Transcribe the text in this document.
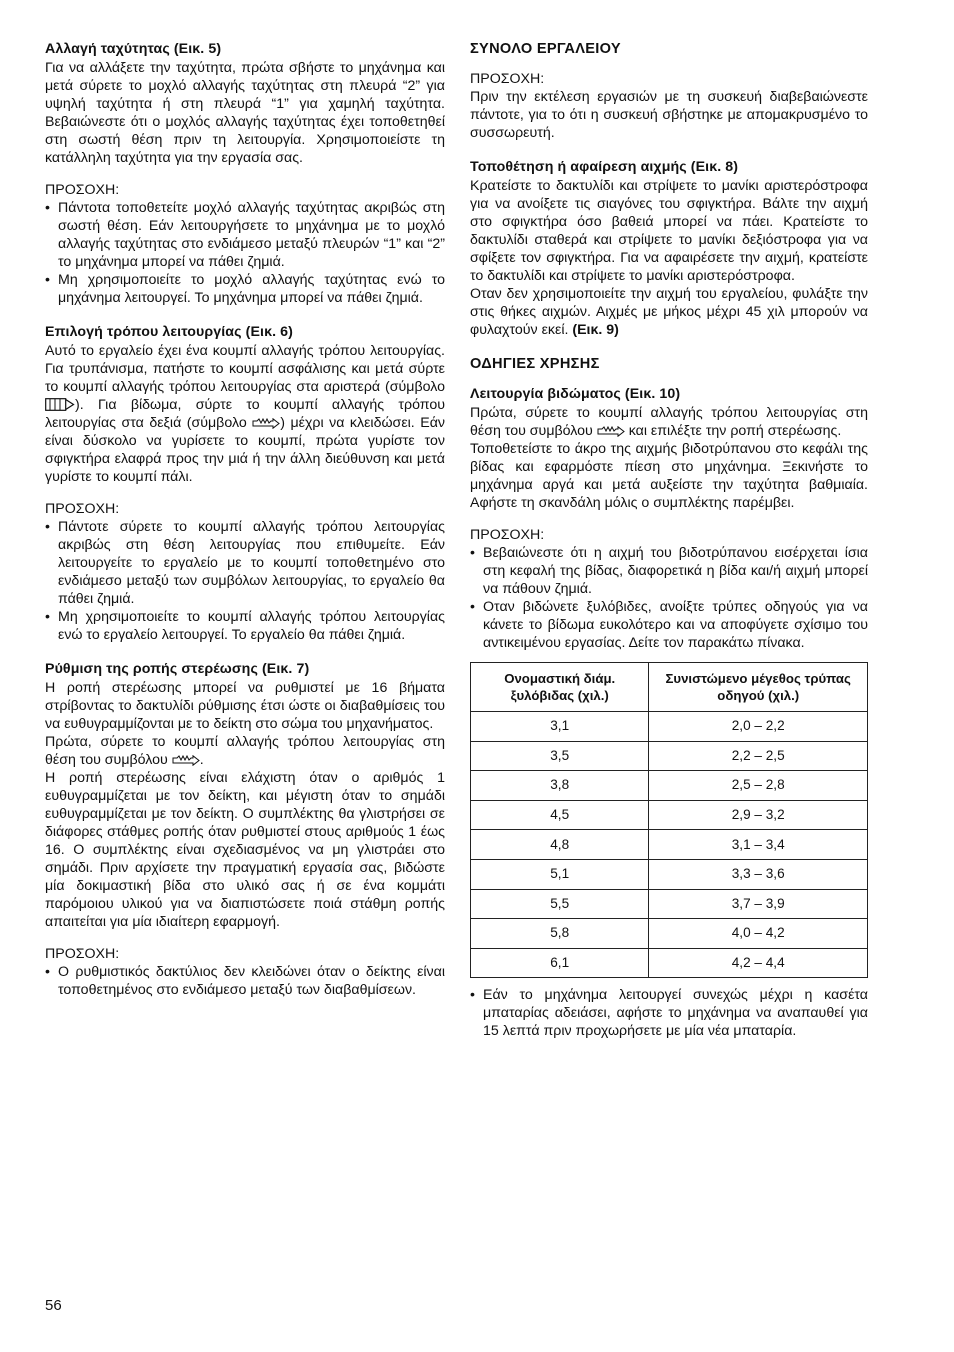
Αλλαγή ταχύτητας (Εικ. 5)

Για να αλλάξετε την ταχύτητα, πρώτα σβήστε το μηχάνημα και μετά σύρετε το μοχλό αλλαγής ταχύτητας στη πλευρά “2” για υψηλή ταχύτητα ή στη πλευρά “1” για χαμηλή ταχύτητα. Βεβαιώνεστε ότι ο μοχλός αλλαγής ταχύτητας έχει τοποθετηθεί στη σωστή θέση πριν τη λειτουργία. Χρησιμοποιείστε τη κατάλληλη ταχύτητα για την εργασία σας.

ΠΡΟΣΟΧΗ:

• Πάντοτα τοποθετείτε μοχλό αλλαγής ταχύτητας ακριβώς στη σωστή θέση. Εάν λειτουργήσετε το μηχάνημα με το μοχλό αλλαγής ταχύτητας στο ενδιάμεσο μεταξύ πλευρών “1” και “2” το μηχάνημα μπορεί να πάθει ζημιά.
• Μη χρησιμοποιείτε το μοχλό αλλαγής ταχύτητας ενώ το μηχάνημα λειτουργεί. Το μηχάνημα μπορεί να πάθει ζημιά.

Επιλογή τρόπου λειτουργίας (Εικ. 6)

Αυτό το εργαλείο έχει ένα κουμπί αλλαγής τρόπου λειτουργίας. Για τρυπάνισμα, πατήστε το κουμπί ασφάλισης και μετά σύρτε το κουμπί αλλαγής τρόπου λειτουργίας στα αριστερά (σύμβολο
). Για βίδωμα, σύρτε το κουμπί αλλαγής τρόπου λειτουργίας στα δεξιά (σύμβολο
) μέχρι να κλειδώσει. Εάν είναι δύσκολο να γυρίσετε το κουμπί, πρώτα γυρίστε τον σφιγκτήρα ελαφρά προς την μιά ή την άλλη διεύθυνση και μετά γυρίστε το κουμπί πάλι.

ΠΡΟΣΟΧΗ:

• Πάντοτε σύρετε το κουμπί αλλαγής τρόπου λειτουργίας ακριβώς στη θέση λειτουργίας που επιθυμείτε. Εάν λειτουργείτε το εργαλείο με το κουμπί τοποθετημένο στο ενδιάμεσο μεταξύ των συμβόλων λειτουργίας, το εργαλείο θα πάθει ζημιά.
• Μη χρησιμοποιείτε το κουμπί αλλαγής τρόπου λειτουργίας ενώ το εργαλείο λειτουργεί. Το εργαλείο θα πάθει ζημιά.

Ρύθμιση της ροπής στερέωσης (Εικ. 7)

Η ροπή στερέωσης μπορεί να ρυθμιστεί με 16 βήματα στρίβοντας το δακτυλίδι ρύθμισης έτσι ώστε οι διαβαθμίσεις του να ευθυγραμμίζονται με το δείκτη στο σώμα του μηχανήματος.

Πρώτα, σύρετε το κουμπί αλλαγής τρόπου λειτουργίας στη θέση του συμβόλου
.

Η ροπή στερέωσης είναι ελάχιστη όταν ο αριθμός 1 ευθυγραμμίζεται με τον δείκτη, και μέγιστη όταν το σημάδι ευθυγραμμίζεται με τον δείκτη. Ο συμπλέκτης θα γλιστρήσει σε διάφορες στάθμες ροπής όταν ρυθμιστεί στους αριθμούς 1 έως 16. Ο συμπλέκτης είναι σχεδιασμένος να μη γλιστράει στο σημάδι. Πριν αρχίσετε την πραγματική εργασία σας, βιδώστε μία δοκιμαστική βίδα στο υλικό σας ή σε ένα κομμάτι παρόμοιου υλικού για να διαπιστώσετε ποιά στάθμη ροπής απαιτείται για μία ιδιαίτερη εφαρμογή.

ΠΡΟΣΟΧΗ:

• Ο ρυθμιστικός δακτύλιος δεν κλειδώνει όταν ο δείκτης είναι τοποθετημένος στο ενδιάμεσο μεταξύ των διαβαθμίσεων.

ΣΥΝΟΛΟ ΕΡΓΑΛΕΙΟΥ

ΠΡΟΣΟΧΗ:

Πριν την εκτέλεση εργασιών με τη συσκευή διαβεβαιώνεστε πάντοτε, για το ότι η συσκευή σβήστηκε με απομακρυσμένο το συσσωρευτή.

Τοποθέτηση ή αφαίρεση αιχμής (Εικ. 8)

Κρατείστε το δακτυλίδι και στρίψετε το μανίκι αριστερόστροφα για να ανοίξετε τις σιαγόνες του σφιγκτήρα. Βάλτε την αιχμή στο σφιγκτήρα όσο βαθειά μπορεί να πάει. Κρατείστε το δακτυλίδι σταθερά και στρίψετε το μανίκι δεξιόστροφα για να σφίξετε τον σφιγκτήρα. Για να αφαιρέσετε την αιχμή, κρατείστε το δακτυλίδι και στρίψετε το μανίκι αριστερόστροφα.

Οταν δεν χρησιμοποιείτε την αιχμή του εργαλείου, φυλάξτε την στις θήκες αιχμών. Αιχμές με μήκος μέχρι 45 χιλ μπορούν να φυλαχτούν εκεί. (Εικ. 9)

ΟΔΗΓΙΕΣ ΧΡΗΣΗΣ

Λειτουργία βιδώματος (Εικ. 10)

Πρώτα, σύρετε το κουμπί αλλαγής τρόπου λειτουργίας στη θέση του συμβόλου
και επιλέξτε την ροπή στερέωσης.

Τοποθετείστε το άκρο της αιχμής βιδοτρύπανου στο κεφάλι της βίδας και εφαρμόστε πίεση στο μηχάνημα. Ξεκινήστε το μηχάνημα αργά και μετά αυξείστε την ταχύτητα βαθμιαία. Αφήστε τη σκανδάλη μόλις ο συμπλέκτης παρέμβει.

ΠΡΟΣΟΧΗ:

• Βεβαιώνεστε ότι η αιχμή του βιδοτρύπανου εισέρχεται ίσια στη κεφαλή της βίδας, διαφορετικά η βίδα και/ή αιχμή μπορεί να πάθουν ζημιά.
• Οταν βιδώνετε ξυλόβιδες, ανοίξτε τρύπες οδηγούς για να κάνετε το βίδωμα ευκολότερο και να αποφύγετε σχίσιμο του αντικειμένου εργασίας. Δείτε τον παρακάτω πίνακα.
Ονομαστική διάμ. ξυλόβιδας (χιλ.)	Συνιστώμενο μέγεθος τρύπας οδηγού (χιλ.)
3,1	2,0 – 2,2
3,5	2,2 – 2,5
3,8	2,5 – 2,8
4,5	2,9 – 3,2
4,8	3,1 – 3,4
5,1	3,3 – 3,6
5,5	3,7 – 3,9
5,8	4,0 – 4,2
6,1	4,2 – 4,4
• Εάν το μηχάνημα λειτουργεί συνεχώς μέχρι η κασέτα μπαταρίας αδειάσει, αφήστε το μηχάνημα να αναπαυθεί για 15 λεπτά πριν προχωρήσετε με μία νέα μπαταρία.
56
